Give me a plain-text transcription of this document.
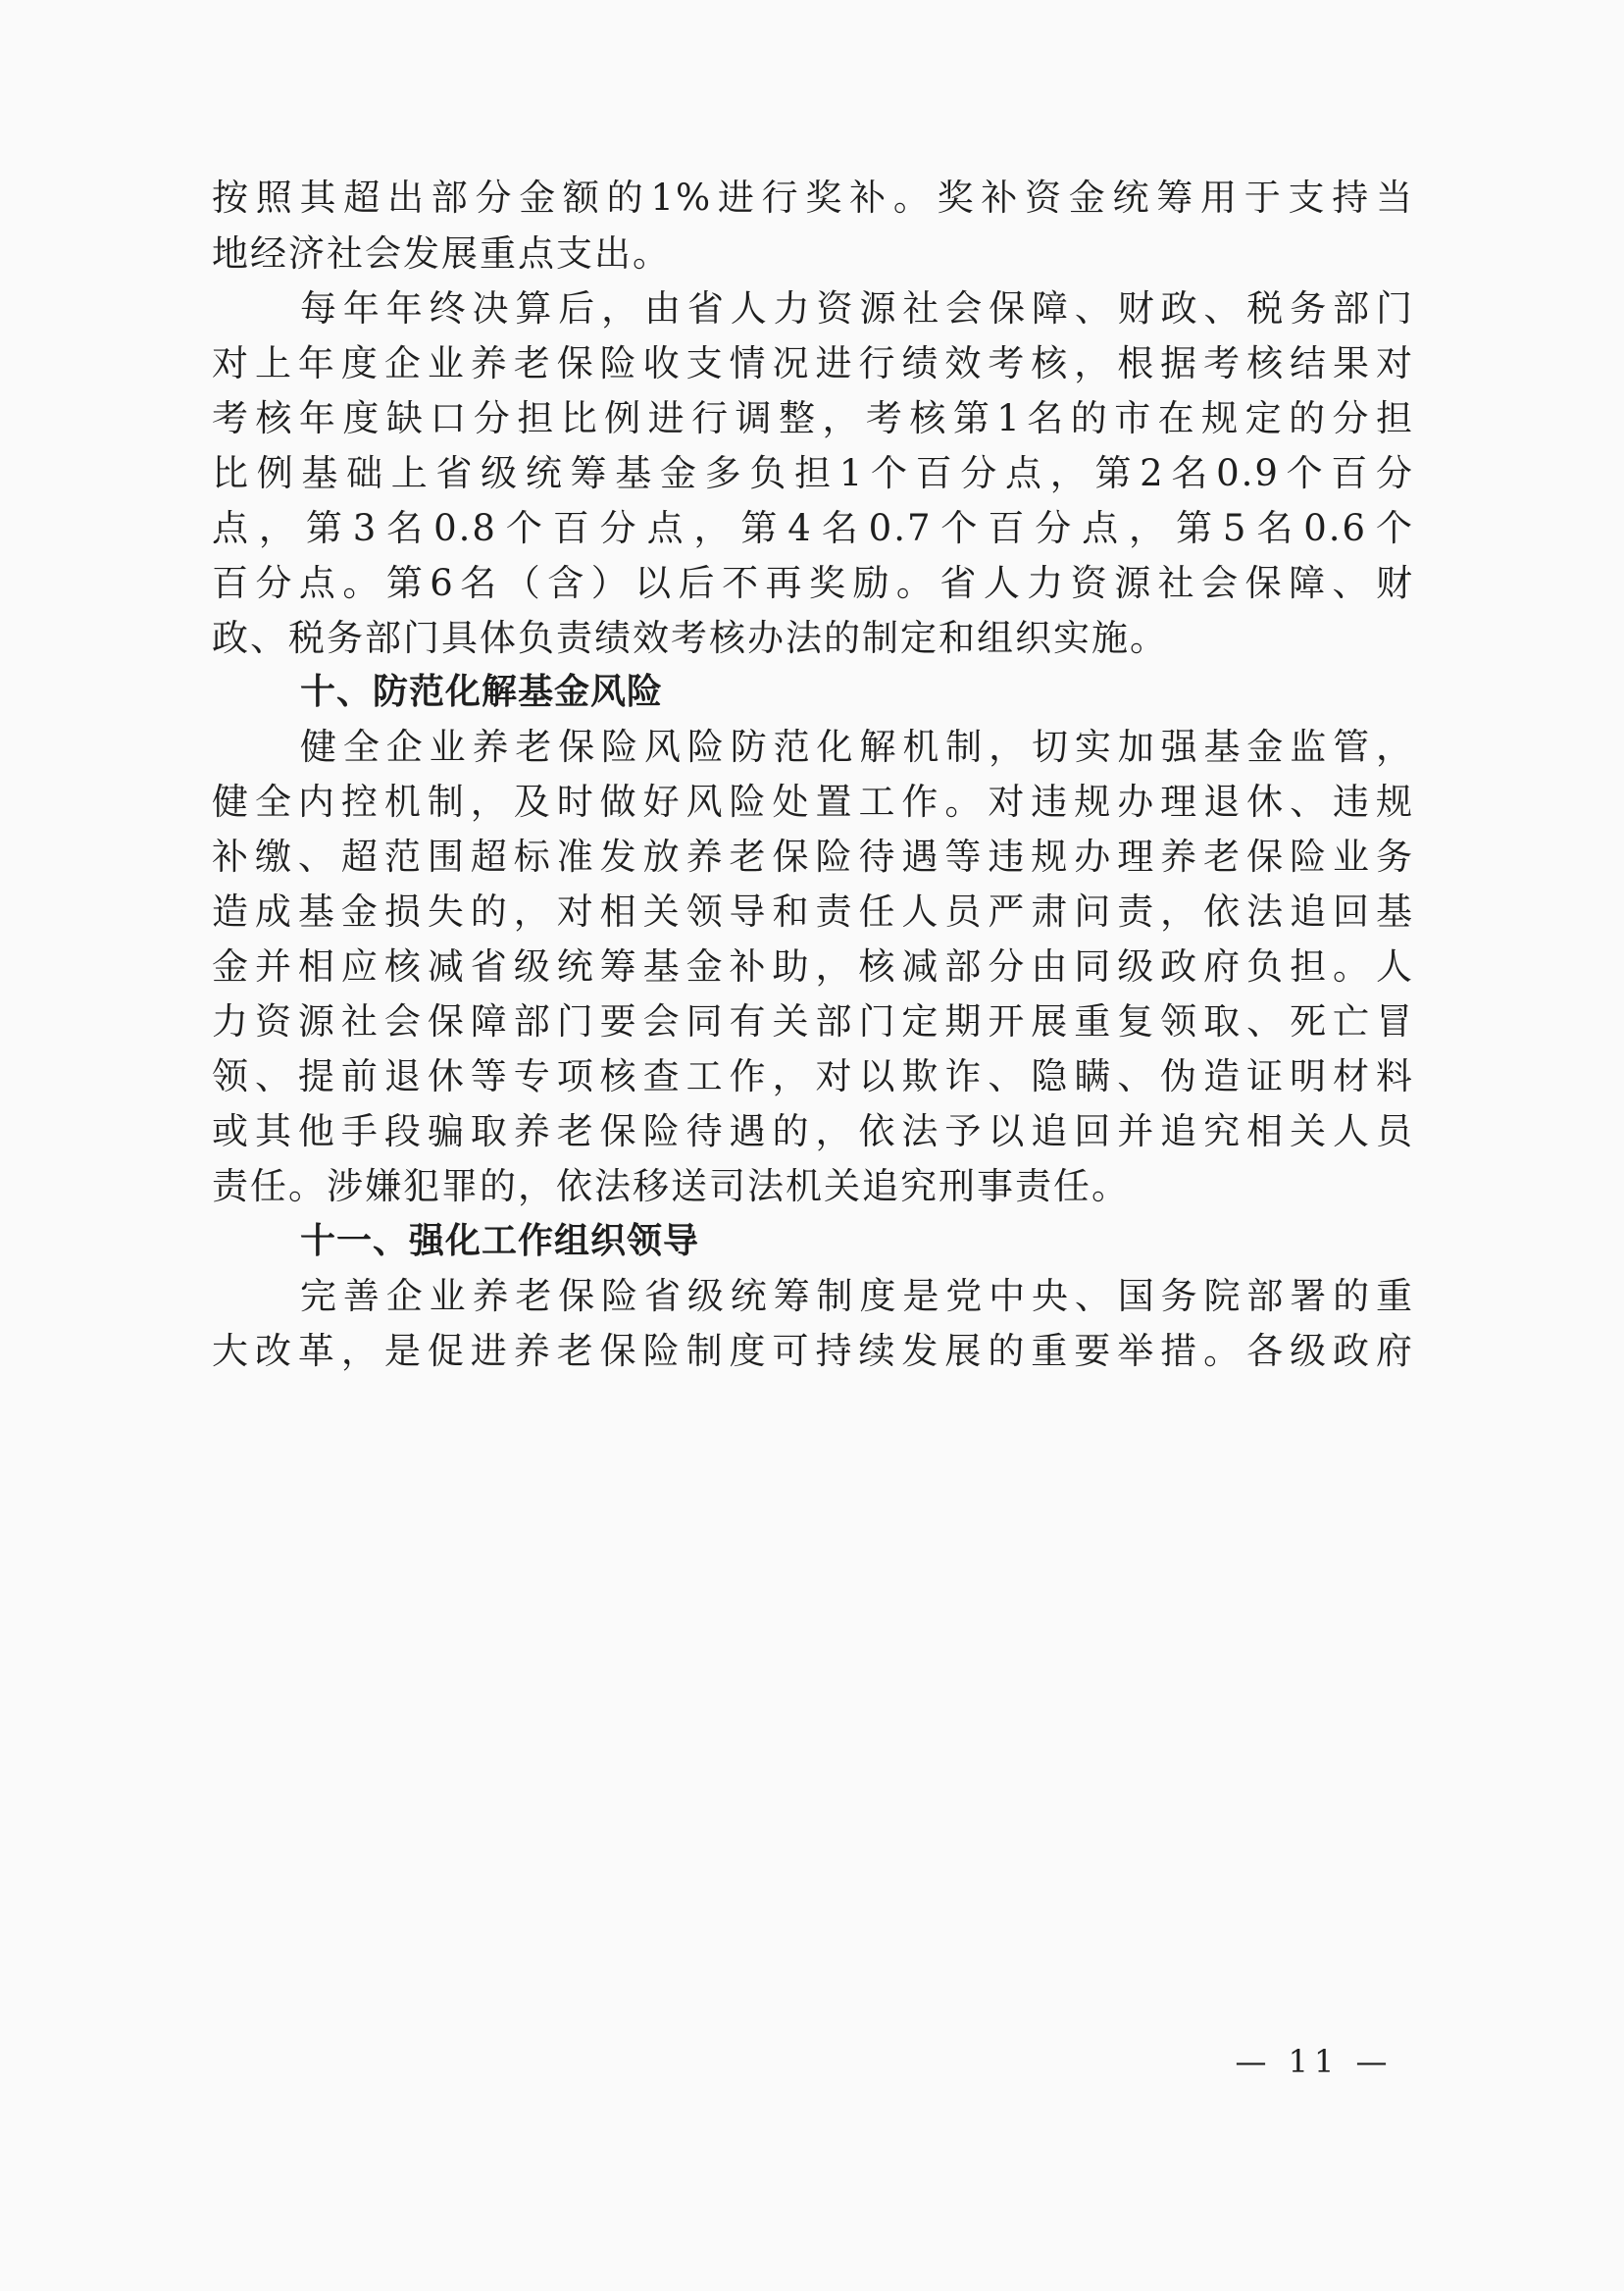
按照其超出部分金额的1%进行奖补。奖补资金统筹用于支持当
地经济社会发展重点支出。
每年年终决算后，由省人力资源社会保障、财政、税务部门
对上年度企业养老保险收支情况进行绩效考核，根据考核结果对
考核年度缺口分担比例进行调整，考核第1名的市在规定的分担
比例基础上省级统筹基金多负担1个百分点，第2名0.9个百分
点，第3名0.8个百分点，第4名0.7个百分点，第5名0.6个
百分点。第6名（含）以后不再奖励。省人力资源社会保障、财
政、税务部门具体负责绩效考核办法的制定和组织实施。
十、防范化解基金风险
健全企业养老保险风险防范化解机制，切实加强基金监管，
健全内控机制，及时做好风险处置工作。对违规办理退休、违规
补缴、超范围超标准发放养老保险待遇等违规办理养老保险业务
造成基金损失的，对相关领导和责任人员严肃问责，依法追回基
金并相应核减省级统筹基金补助，核减部分由同级政府负担。人
力资源社会保障部门要会同有关部门定期开展重复领取、死亡冒
领、提前退休等专项核查工作，对以欺诈、隐瞒、伪造证明材料
或其他手段骗取养老保险待遇的，依法予以追回并追究相关人员
责任。涉嫌犯罪的，依法移送司法机关追究刑事责任。
十一、强化工作组织领导
完善企业养老保险省级统筹制度是党中央、国务院部署的重
大改革，是促进养老保险制度可持续发展的重要举措。各级政府
— 11 —
